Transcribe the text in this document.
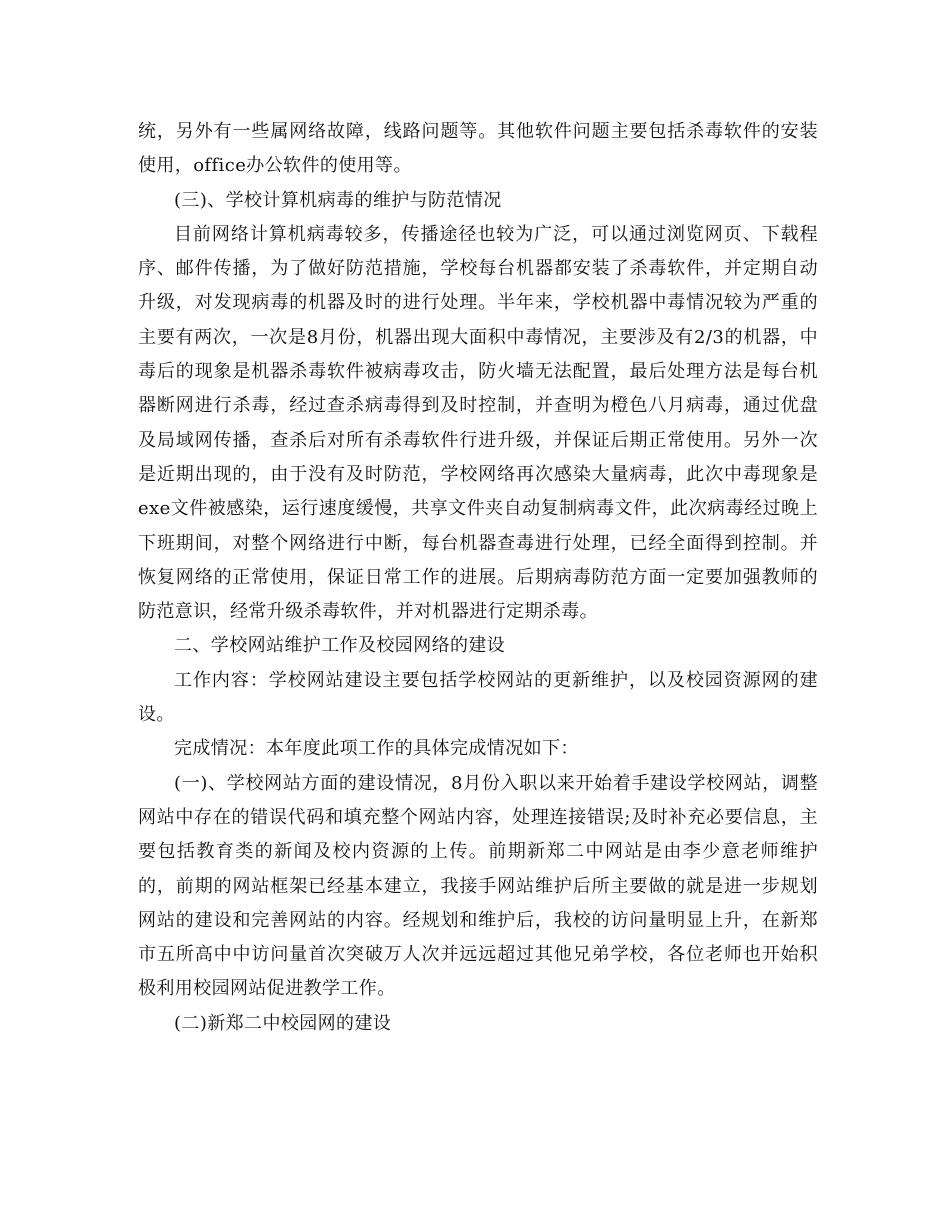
统，另外有一些属网络故障，线路问题等。其他软件问题主要包括杀毒软件的安装使用，office办公软件的使用等。

(三)、学校计算机病毒的维护与防范情况

目前网络计算机病毒较多，传播途径也较为广泛，可以通过浏览网页、下载程序、邮件传播，为了做好防范措施，学校每台机器都安装了杀毒软件，并定期自动升级，对发现病毒的机器及时的进行处理。半年来，学校机器中毒情况较为严重的主要有两次，一次是8月份，机器出现大面积中毒情况，主要涉及有2/3的机器，中毒后的现象是机器杀毒软件被病毒攻击，防火墙无法配置，最后处理方法是每台机器断网进行杀毒，经过查杀病毒得到及时控制，并查明为橙色八月病毒，通过优盘及局域网传播，查杀后对所有杀毒软件行进升级，并保证后期正常使用。另外一次是近期出现的，由于没有及时防范，学校网络再次感染大量病毒，此次中毒现象是exe文件被感染，运行速度缓慢，共享文件夹自动复制病毒文件，此次病毒经过晚上下班期间，对整个网络进行中断，每台机器查毒进行处理，已经全面得到控制。并恢复网络的正常使用，保证日常工作的进展。后期病毒防范方面一定要加强教师的防范意识，经常升级杀毒软件，并对机器进行定期杀毒。

二、学校网站维护工作及校园网络的建设

工作内容：学校网站建设主要包括学校网站的更新维护，以及校园资源网的建设。

完成情况：本年度此项工作的具体完成情况如下：

(一)、学校网站方面的建设情况，8月份入职以来开始着手建设学校网站，调整网站中存在的错误代码和填充整个网站内容，处理连接错误;及时补充必要信息，主要包括教育类的新闻及校内资源的上传。前期新郑二中网站是由李少意老师维护的，前期的网站框架已经基本建立，我接手网站维护后所主要做的就是进一步规划网站的建设和完善网站的内容。经规划和维护后，我校的访问量明显上升，在新郑市五所高中中访问量首次突破万人次并远远超过其他兄弟学校，各位老师也开始积极利用校园网站促进教学工作。

(二)新郑二中校园网的建设
